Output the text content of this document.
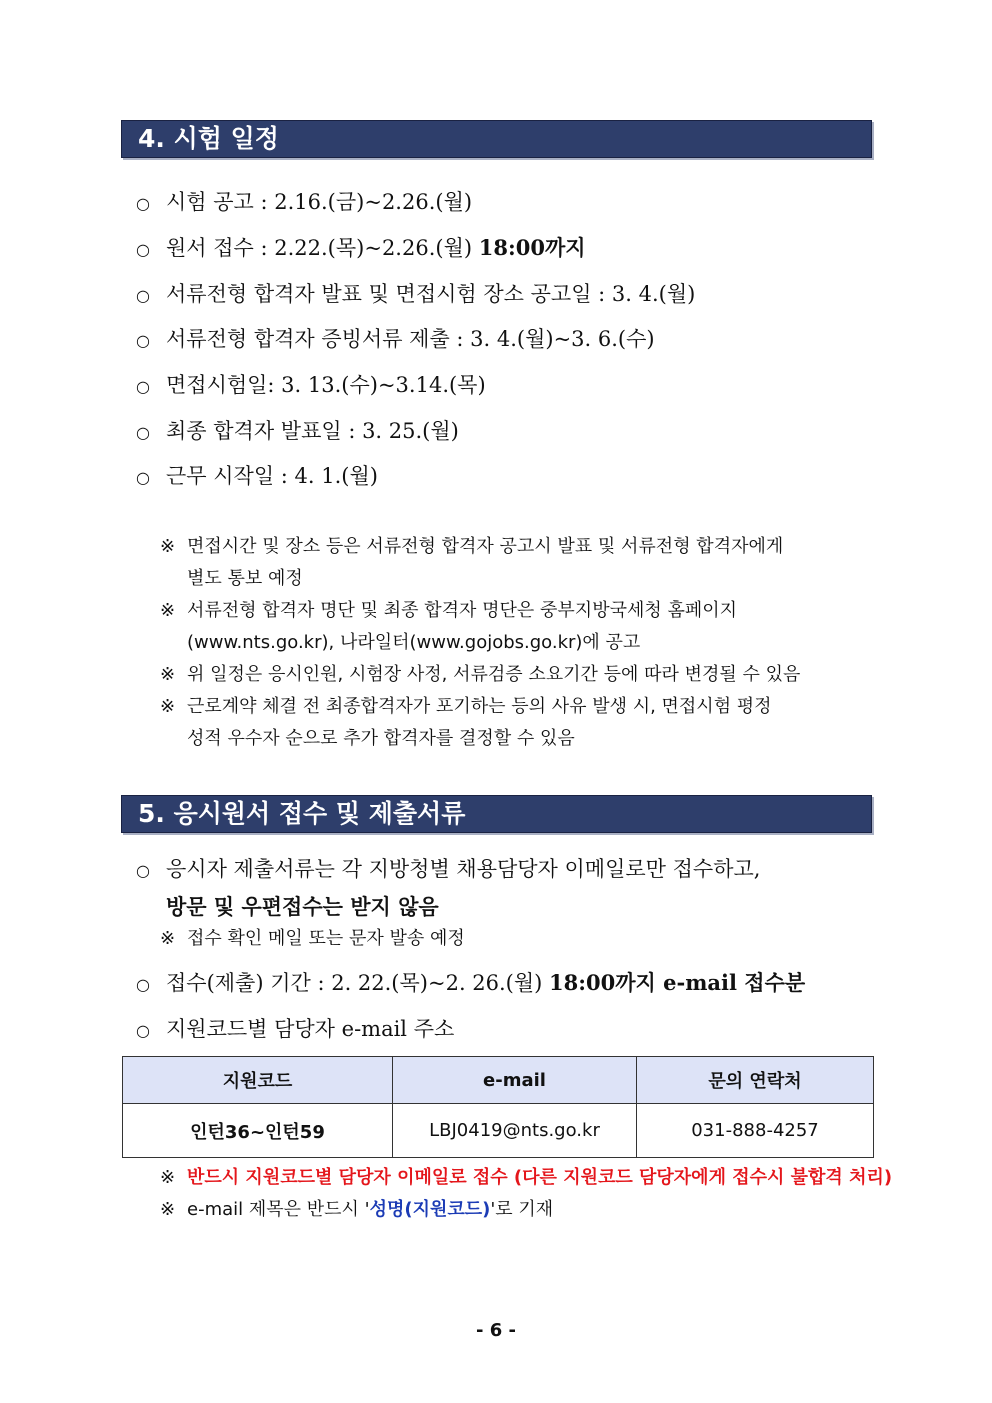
4. 시험 일정
○ 시험 공고 : 2.16.(금)~2.26.(월)
○ 원서 접수 : 2.22.(목)~2.26.(월) 18:00까지
○ 서류전형 합격자 발표 및 면접시험 장소 공고일 : 3. 4.(월)
○ 서류전형 합격자 증빙서류 제출 : 3. 4.(월)~3. 6.(수)
○ 면접시험일: 3. 13.(수)~3.14.(목)
○ 최종 합격자 발표일 : 3. 25.(월)
○ 근무 시작일 : 4. 1.(월)
※ 면접시간 및 장소 등은 서류전형 합격자 공고시 발표 및 서류전형 합격자에게
별도 통보 예정
※ 서류전형 합격자 명단 및 최종 합격자 명단은 중부지방국세청 홈페이지
(www.nts.go.kr), 나라일터(www.gojobs.go.kr)에 공고
※ 위 일정은 응시인원, 시험장 사정, 서류검증 소요기간 등에 따라 변경될 수 있음
※ 근로계약 체결 전 최종합격자가 포기하는 등의 사유 발생 시, 면접시험 평정
성적 우수자 순으로 추가 합격자를 결정할 수 있음
5. 응시원서 접수 및 제출서류
○ 응시자 제출서류는 각 지방청별 채용담당자 이메일로만 접수하고,
방문 및 우편접수는 받지 않음
※ 접수 확인 메일 또는 문자 발송 예정
○ 접수(제출) 기간 : 2. 22.(목)~2. 26.(월) 18:00까지 e-mail 접수분
○ 지원코드별 담당자 e-mail 주소
지원코드	e-mail	문의 연락처
인턴36~인턴59	LBJ0419@nts.go.kr	031-888-4257
※ 반드시 지원코드별 담당자 이메일로 접수 (다른 지원코드 담당자에게 접수시 불합격 처리)
※ e-mail 제목은 반드시 '성명(지원코드)'로 기재
- 6 -
